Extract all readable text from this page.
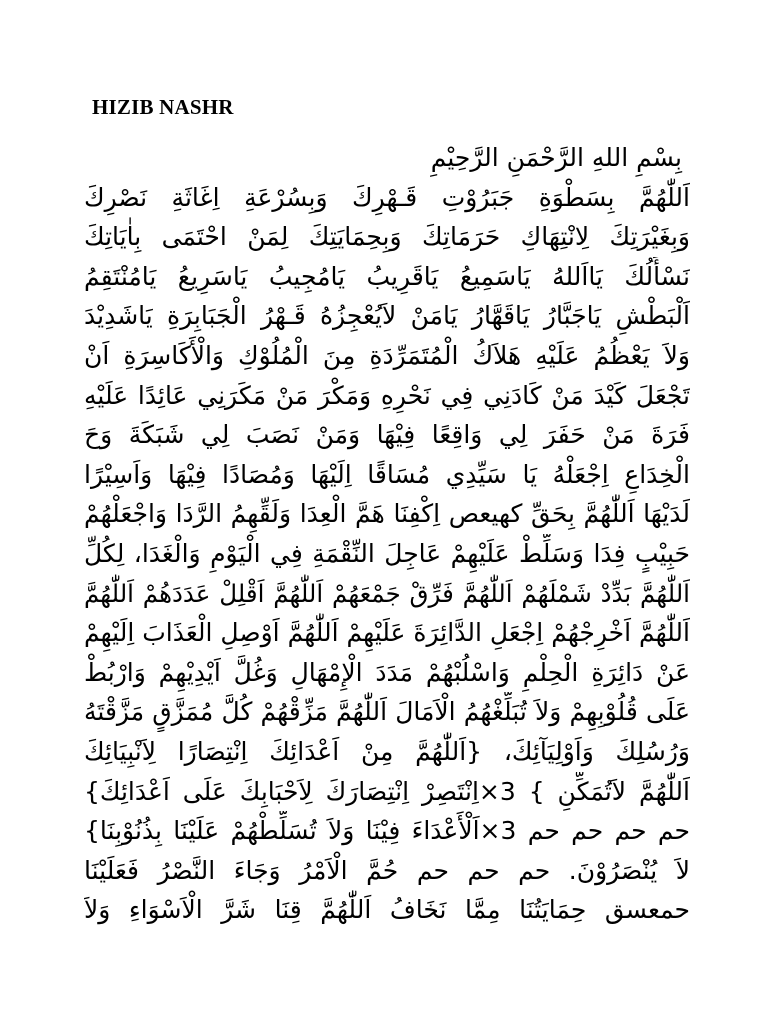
HIZIB NASHR
بِسْمِ اللهِ الرَّحْمَنِ الرَّحِيْمِ
اَللّٰهُمَّ بِسَطْوَةِ جَبَرُوْتِ قَـهْرِكَ وَبِسُرْعَةِ اِغَاثَةِ نَصْرِكَ
وَبِغَيْرَتِكَ لِانْتِهَاكِ حَرَمَاتِكَ وَبِحِمَايَتِكَ لِمَنْ احْتَمَى بِاٰيَاتِكَ
نَسْأَلُكَ يَااَللهُ يَاسَمِيعُ يَاقَرِيبُ يَامُجِيبُ يَاسَرِيعُ يَامُنْتَقِمُ
اَلْبَطْشِ يَاجَبَّارُ يَاقَهَّارُ يَامَنْ لاَيُعْجِزُهُ قَـهْرُ الْجَبَابِرَةِ يَاشَدِيْدَ
وَلاَ يَعْظُمُ عَلَيْهِ هَلاَكُ الْمُتَمَرِّدَةِ مِنَ الْمُلُوْكِ وَالْأَكَاسِرَةِ اَنْ
تَجْعَلَ كَيْدَ مَنْ كَادَنِي فِي نَحْرِهِ وَمَكْرَ مَنْ مَكَرَنِي عَائِدًا عَلَيْهِ
فَرَةَ مَنْ حَفَرَ لِي وَاقِعًا فِيْهَا وَمَنْ نَصَبَ لِي شَبَكَةَ وَحَ
الْخِدَاعِ اِجْعَلْهُ يَا سَيِّدِي مُسَاقًا اِلَيْهَا وَمُصَادًا فِيْهَا وَاَسِيْرًا
لَدَيْهَا اَللّٰهُمَّ بِحَقِّ كهيعص اِكْفِنَا هَمَّ الْعِدَا وَلَقِّهِمُ الرَّدَا وَاجْعَلْهُمْ
حَبِيْبٍ فِدَا وَسَلِّطْ عَلَيْهِمْ عَاجِلَ النِّقْمَةِ فِي الْيَوْمِ وَالْغَدَا، لِكُلِّ
اَللّٰهُمَّ بَدِّدْ شَمْلَهُمْ اَللّٰهُمَّ فَرِّقْ جَمْعَهُمْ اَللّٰهُمَّ اَقْلِلْ عَدَدَهُمْ اَللّٰهُمَّ
اَللّٰهُمَّ اَخْرِجْهُمْ اِجْعَلِ الدَّائِرَةَ عَلَيْهِمْ اَللّٰهُمَّ اَوْصِلِ الْعَذَابَ اِلَيْهِمْ
عَنْ دَائِرَةِ الْحِلْمِ وَاسْلُبْهُمْ مَدَدَ الْإِمْهَالِ وَغُلَّ اَيْدِيْهِمْ وَارْبُطْ
عَلَى قُلُوْبِهِمْ وَلاَ تُبَلِّغْهُمُ الْاَمَالَ اَللّٰهُمَّ مَزِّقْهُمْ كُلَّ مُمَزَّقٍ مَزَّقْتَهُ
وَرُسُلِكَ وَاَوْلِيَآئِكَ، {اَللّٰهُمَّ مِنْ اَعْدَائِكَ اِنْتِصَارًا لِاَنْبِيَائِكَ
اَللّٰهُمَّ لاَتُمَكِّنِ } 3×اِنْتَصِرْ اِنْتِصَارَكَ لِاَحْبَابِكَ عَلَى اَعْدَائِكَ}
حم حم حم حم 3×اَلْأَعْدَاءَ فِيْنَا وَلاَ تُسَلِّطْهُمْ عَلَيْنَا بِذُنُوْبِنَا}
لاَ يُنْصَرُوْنَ. حم حم حم حُمَّ الْاَمْرُ وَجَاءَ النَّصْرُ فَعَلَيْنَا
حمعسق حِمَايَتُنَا مِمَّا نَخَافُ اَللّٰهُمَّ قِنَا شَرَّ الْاَسْوَاءِ وَلاَ
